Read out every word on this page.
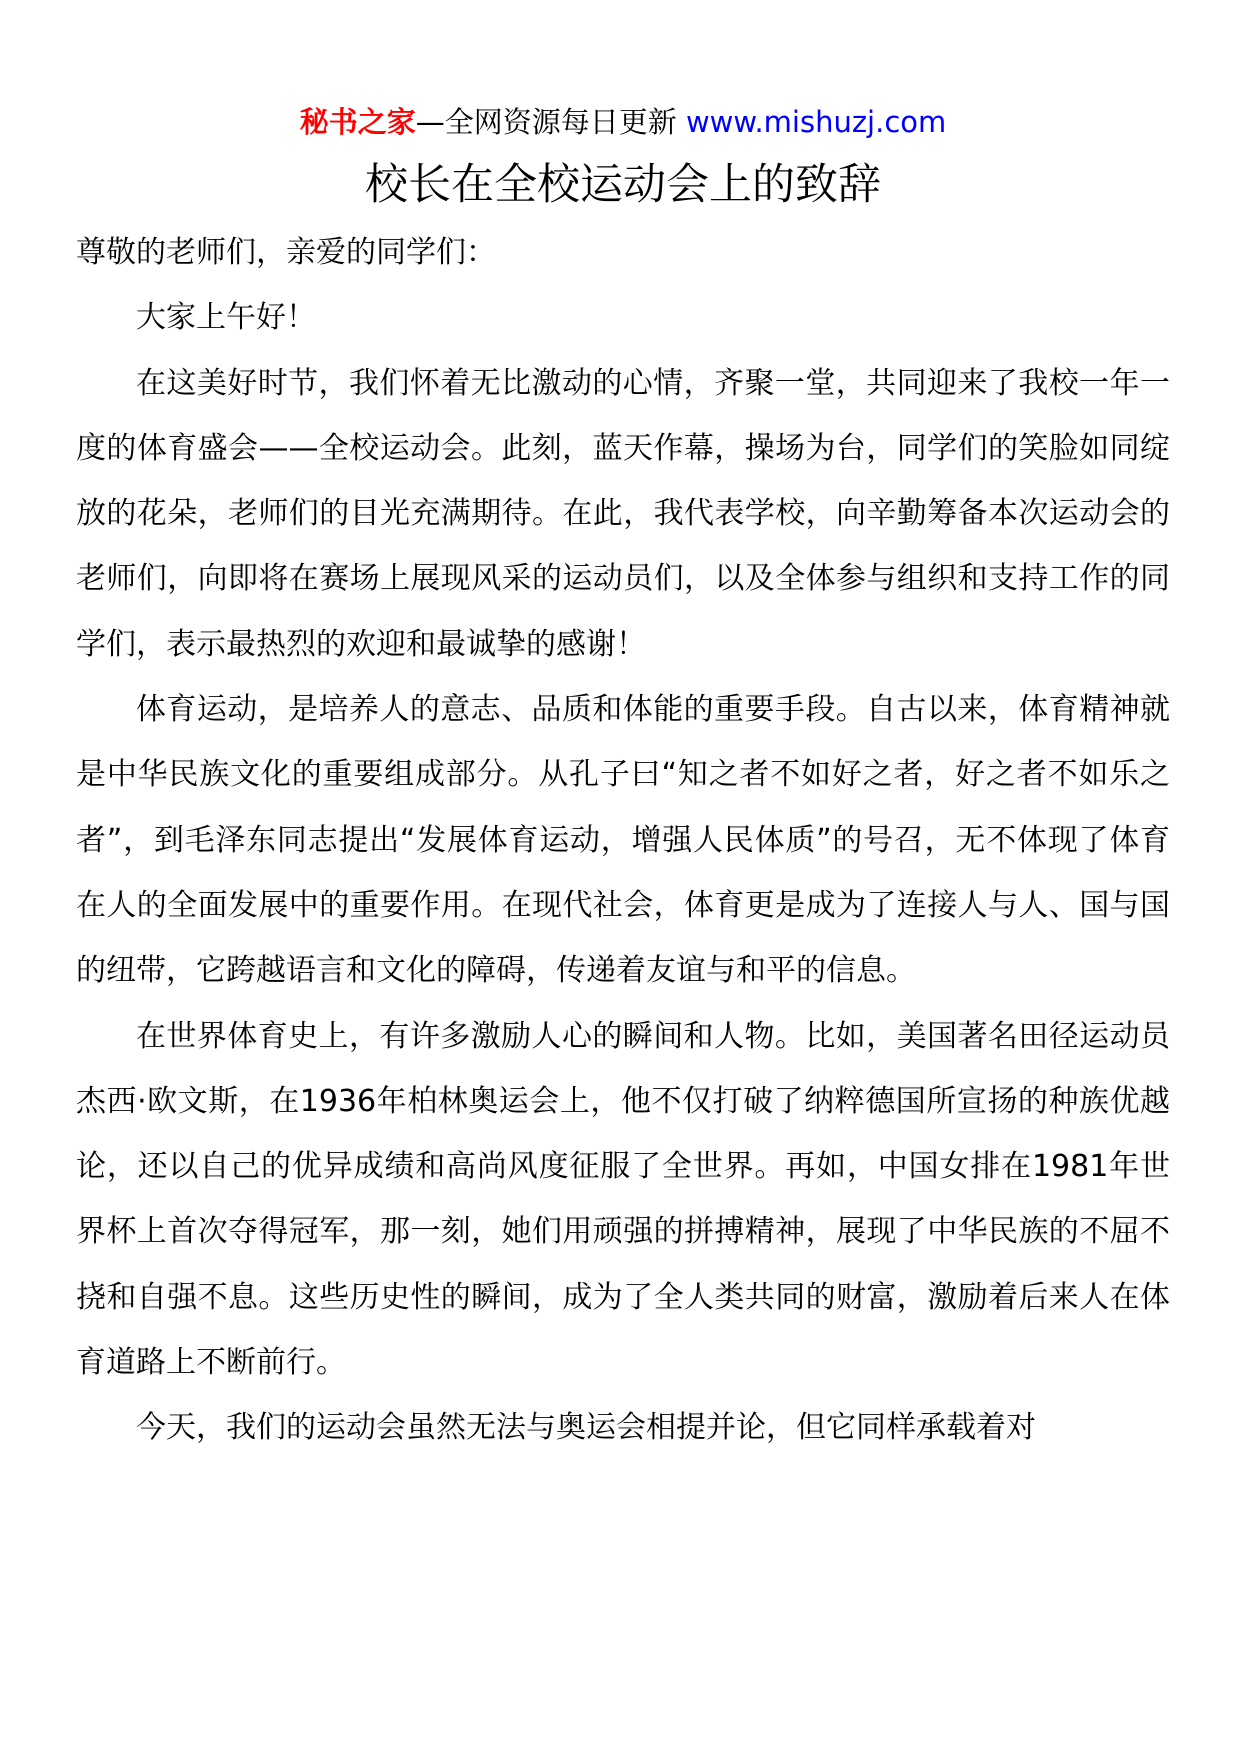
秘书之家—全网资源每日更新 www.mishuzj.com
校长在全校运动会上的致辞

尊敬的老师们，亲爱的同学们：

大家上午好！

在这美好时节，我们怀着无比激动的心情，齐聚一堂，共同迎来了我校一年一度的体育盛会——全校运动会。此刻，蓝天作幕，操场为台，同学们的笑脸如同绽放的花朵，老师们的目光充满期待。在此，我代表学校，向辛勤筹备本次运动会的老师们，向即将在赛场上展现风采的运动员们，以及全体参与组织和支持工作的同学们，表示最热烈的欢迎和最诚挚的感谢！

体育运动，是培养人的意志、品质和体能的重要手段。自古以来，体育精神就是中华民族文化的重要组成部分。从孔子曰“知之者不如好之者，好之者不如乐之者”，到毛泽东同志提出“发展体育运动，增强人民体质”的号召，无不体现了体育在人的全面发展中的重要作用。在现代社会，体育更是成为了连接人与人、国与国的纽带，它跨越语言和文化的障碍，传递着友谊与和平的信息。

在世界体育史上，有许多激励人心的瞬间和人物。比如，美国著名田径运动员杰西·欧文斯，在1936年柏林奥运会上，他不仅打破了纳粹德国所宣扬的种族优越论，还以自己的优异成绩和高尚风度征服了全世界。再如，中国女排在1981年世界杯上首次夺得冠军，那一刻，她们用顽强的拼搏精神，展现了中华民族的不屈不挠和自强不息。这些历史性的瞬间，成为了全人类共同的财富，激励着后来人在体育道路上不断前行。

今天，我们的运动会虽然无法与奥运会相提并论，但它同样承载着对
